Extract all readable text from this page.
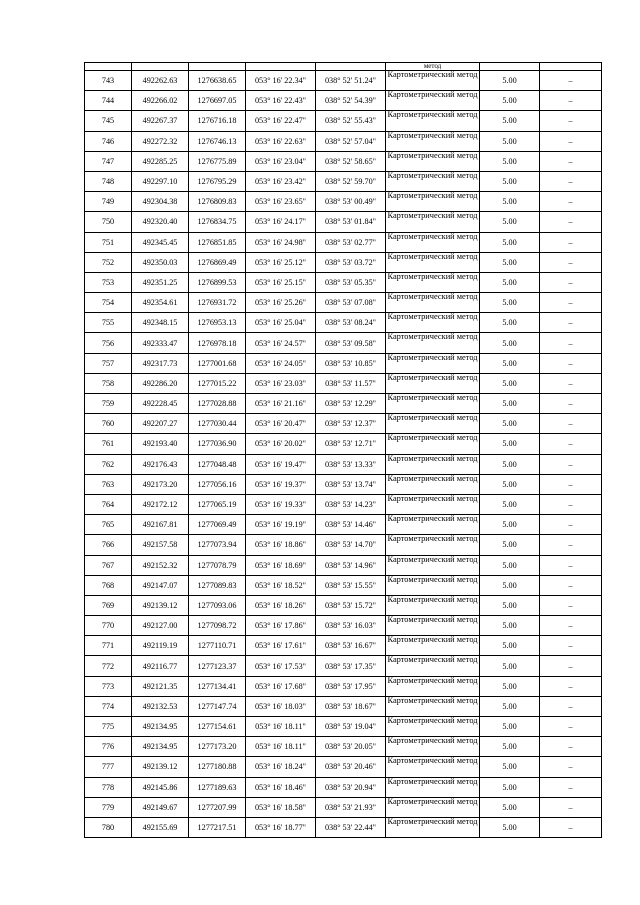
					метод		
743	492262.63	1276638.65	053° 16' 22.34"	038° 52' 51.24"	Картометрический метод	5.00	–
744	492266.02	1276697.05	053° 16' 22.43"	038° 52' 54.39"	Картометрический метод	5.00	–
745	492267.37	1276716.18	053° 16' 22.47"	038° 52' 55.43"	Картометрический метод	5.00	–
746	492272.32	1276746.13	053° 16' 22.63"	038° 52' 57.04"	Картометрический метод	5.00	–
747	492285.25	1276775.89	053° 16' 23.04"	038° 52' 58.65"	Картометрический метод	5.00	–
748	492297.10	1276795.29	053° 16' 23.42"	038° 52' 59.70"	Картометрический метод	5.00	–
749	492304.38	1276809.83	053° 16' 23.65"	038° 53' 00.49"	Картометрический метод	5.00	–
750	492320.40	1276834.75	053° 16' 24.17"	038° 53' 01.84"	Картометрический метод	5.00	–
751	492345.45	1276851.85	053° 16' 24.98"	038° 53' 02.77"	Картометрический метод	5.00	–
752	492350.03	1276869.49	053° 16' 25.12"	038° 53' 03.72"	Картометрический метод	5.00	–
753	492351.25	1276899.53	053° 16' 25.15"	038° 53' 05.35"	Картометрический метод	5.00	–
754	492354.61	1276931.72	053° 16' 25.26"	038° 53' 07.08"	Картометрический метод	5.00	–
755	492348.15	1276953.13	053° 16' 25.04"	038° 53' 08.24"	Картометрический метод	5.00	–
756	492333.47	1276978.18	053° 16' 24.57"	038° 53' 09.58"	Картометрический метод	5.00	–
757	492317.73	1277001.68	053° 16' 24.05"	038° 53' 10.85"	Картометрический метод	5.00	–
758	492286.20	1277015.22	053° 16' 23.03"	038° 53' 11.57"	Картометрический метод	5.00	–
759	492228.45	1277028.88	053° 16' 21.16"	038° 53' 12.29"	Картометрический метод	5.00	–
760	492207.27	1277030.44	053° 16' 20.47"	038° 53' 12.37"	Картометрический метод	5.00	–
761	492193.40	1277036.90	053° 16' 20.02"	038° 53' 12.71"	Картометрический метод	5.00	–
762	492176.43	1277048.48	053° 16' 19.47"	038° 53' 13.33"	Картометрический метод	5.00	–
763	492173.20	1277056.16	053° 16' 19.37"	038° 53' 13.74"	Картометрический метод	5.00	–
764	492172.12	1277065.19	053° 16' 19.33"	038° 53' 14.23"	Картометрический метод	5.00	–
765	492167.81	1277069.49	053° 16' 19.19"	038° 53' 14.46"	Картометрический метод	5.00	–
766	492157.58	1277073.94	053° 16' 18.86"	038° 53' 14.70"	Картометрический метод	5.00	–
767	492152.32	1277078.79	053° 16' 18.69"	038° 53' 14.96"	Картометрический метод	5.00	–
768	492147.07	1277089.83	053° 16' 18.52"	038° 53' 15.55"	Картометрический метод	5.00	–
769	492139.12	1277093.06	053° 16' 18.26"	038° 53' 15.72"	Картометрический метод	5.00	–
770	492127.00	1277098.72	053° 16' 17.86"	038° 53' 16.03"	Картометрический метод	5.00	–
771	492119.19	1277110.71	053° 16' 17.61"	038° 53' 16.67"	Картометрический метод	5.00	–
772	492116.77	1277123.37	053° 16' 17.53"	038° 53' 17.35"	Картометрический метод	5.00	–
773	492121.35	1277134.41	053° 16' 17.68"	038° 53' 17.95"	Картометрический метод	5.00	–
774	492132.53	1277147.74	053° 16' 18.03"	038° 53' 18.67"	Картометрический метод	5.00	–
775	492134.95	1277154.61	053° 16' 18.11"	038° 53' 19.04"	Картометрический метод	5.00	–
776	492134.95	1277173.20	053° 16' 18.11"	038° 53' 20.05"	Картометрический метод	5.00	–
777	492139.12	1277180.88	053° 16' 18.24"	038° 53' 20.46"	Картометрический метод	5.00	–
778	492145.86	1277189.63	053° 16' 18.46"	038° 53' 20.94"	Картометрический метод	5.00	–
779	492149.67	1277207.99	053° 16' 18.58"	038° 53' 21.93"	Картометрический метод	5.00	–
780	492155.69	1277217.51	053° 16' 18.77"	038° 53' 22.44"	Картометрический метод	5.00	–
